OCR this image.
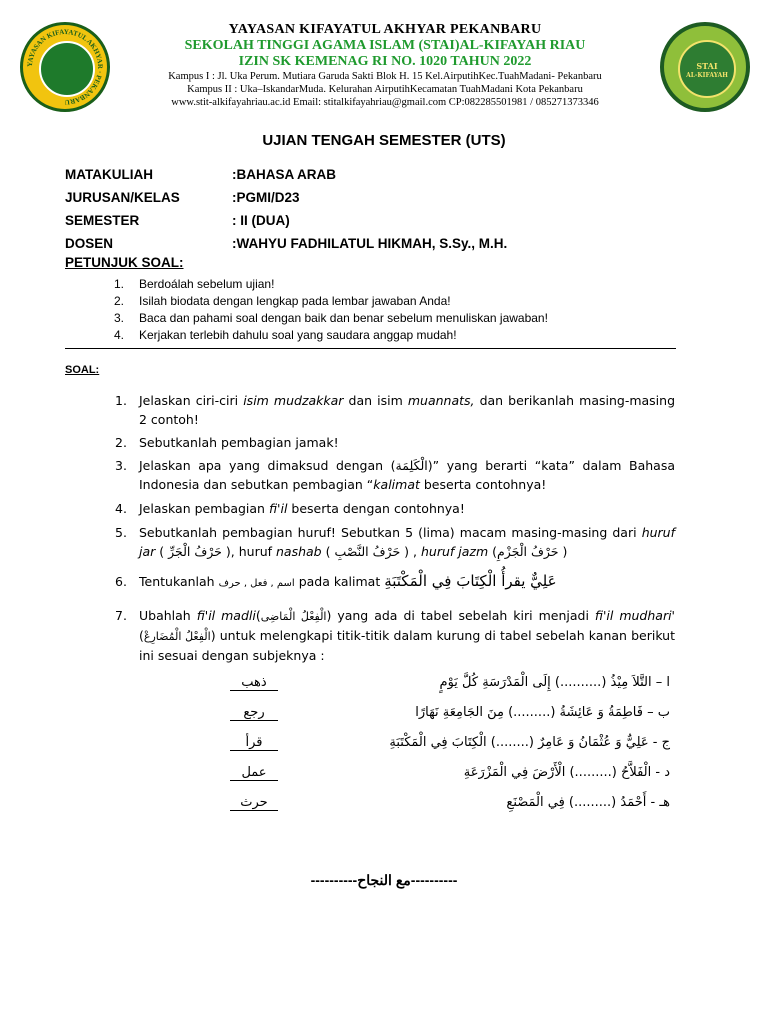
YAYASAN KIFAYATUL AKHYAR · PEKANBARU
YAYASAN KIFAYATUL AKHYAR PEKANBARU
SEKOLAH TINGGI AGAMA ISLAM (STAI)AL-KIFAYAH RIAU
IZIN SK KEMENAG RI NO. 1020 TAHUN 2022
Kampus I : Jl. Uka Perum. Mutiara Garuda Sakti Blok H. 15 Kel.AirputihKec.TuahMadani- Pekanbaru
Kampus II : Uka–IskandarMuda. Kelurahan AirputihKecamatan TuahMadani Kota Pekanbaru
www.stit-alkifayahriau.ac.id Email: stitalkifayahriau@gmail.com CP:082285501981 / 085271373346
STAI
AL-KIFAYAH
UJIAN TENGAH SEMESTER (UTS)
MATAKULIAH	:BAHASA ARAB
JURUSAN/KELAS	:PGMI/D23
SEMESTER	: II (DUA)
DOSEN	:WAHYU FADHILATUL HIKMAH, S.Sy., M.H.
PETUNJUK SOAL:
1. Berdoálah sebelum ujian!
2. Isilah biodata dengan lengkap pada lembar jawaban Anda!
3. Baca dan pahami soal dengan baik dan benar sebelum menuliskan jawaban!
4. Kerjakan terlebih dahulu soal yang saudara anggap mudah!
SOAL:
1. Jelaskan ciri-ciri isim mudzakkar dan isim muannats, dan berikanlah masing-masing 2 contoh!
2. Sebutkanlah pembagian jamak!
3. Jelaskan apa yang dimaksud dengan (الْكَلِمَة)” yang berarti “kata” dalam Bahasa Indonesia dan sebutkan pembagian “kalimat beserta contohnya!
4. Jelaskan pembagian fi'il beserta dengan contohnya!
5. Sebutkanlah pembagian huruf! Sebutkan 5 (lima) macam masing-masing dari huruf jar ( حَرْفُ الْجَرِّ ), huruf nashab ( حَرْفُ النَّصْبِ ) , huruf jazm (حَرْفُ الْجَزْمِ )
6. Tentukanlah اسم , فعل , حرف pada kalimat عَلِيٌّ يقرأُ الْكِتَابَ فِي الْمَكْتَبَةِ
7. Ubahlah fi'il madli(الْفِعْلُ الْمَاضِى) yang ada di tabel sebelah kiri menjadi fi'il mudhari' (الْفِعْلُ الْمُضَارِعْ) untuk melengkapi titik-titik dalam kurung di tabel sebelah kanan berikut ini sesuai dengan subjeknya :
ذهب	ا – التَّلاَ مِيْذُ (..........) إِلَى الْمَدْرَسَةِ كُلَّ يَوْمٍ
رجع	ب – فَاطِمَةُ وَ عَائِشَةُ (.........) مِنَ الجَامِعَةِ نَهَارًا
قرأ	ج - عَلِيٌّ وَ عُثْمَانُ وَ عَامِرٌ (........) الْكِتَابَ فِي الْمَكْتَبَةِ
عمل	د - الْفَلاَّحُ (.........) الْأَرْضَ فِي الْمَزْرَعَةِ
حرث	هـ - أَحْمَدُ (.........) فِي الْمَصْنَعِ
----------مع النجاح----------
